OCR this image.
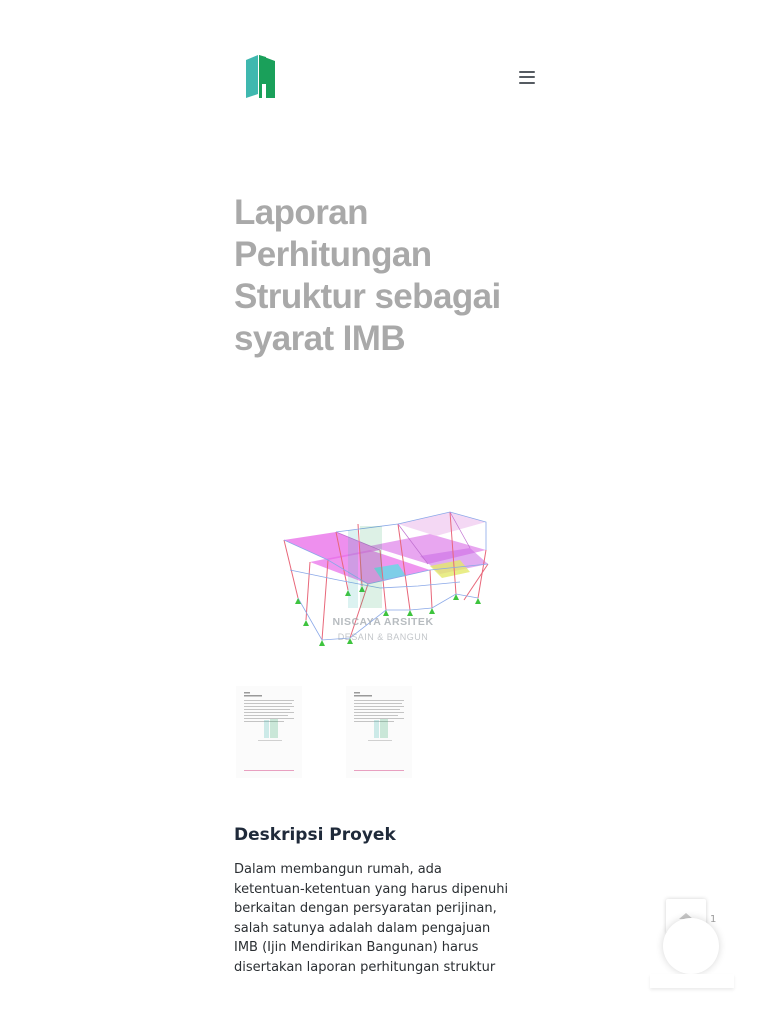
Laporan Perhitungan Struktur sebagai syarat IMB
NISCAYA ARSITEK
DESAIN & BANGUN
Deskripsi Proyek

Dalam membangun rumah, ada ketentuan-ketentuan yang harus dipenuhi berkaitan dengan persyaratan perijinan, salah satunya adalah dalam pengajuan IMB (Ijin Mendirikan Bangunan) harus disertakan laporan perhitungan struktur

1
